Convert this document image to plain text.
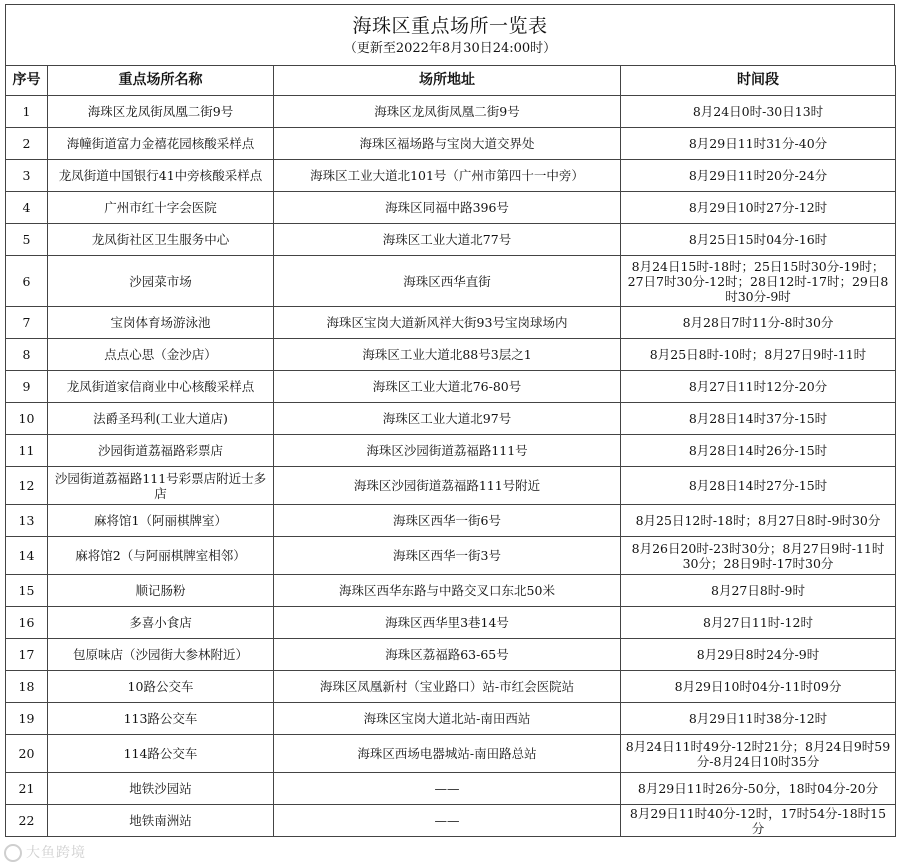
海珠区重点场所一览表
（更新至2022年8月30日24:00时）
序号	重点场所名称	场所地址	时间段
1	海珠区龙凤街凤凰二街9号	海珠区龙凤街凤凰二街9号	8月24日0时-30日13时
2	海幢街道富力金禧花园核酸采样点	海珠区福场路与宝岗大道交界处	8月29日11时31分-40分
3	龙凤街道中国银行41中旁核酸采样点	海珠区工业大道北101号（广州市第四十一中旁）	8月29日11时20分-24分
4	广州市红十字会医院	海珠区同福中路396号	8月29日10时27分-12时
5	龙凤街社区卫生服务中心	海珠区工业大道北77号	8月25日15时04分-16时
6	沙园菜市场	海珠区西华直街	8月24日15时-18时；25日15时30分-19时；27日7时30分-12时；28日12时-17时；29日8时30分-9时
7	宝岗体育场游泳池	海珠区宝岗大道新风祥大街93号宝岗球场内	8月28日7时11分-8时30分
8	点点心思（金沙店）	海珠区工业大道北88号3层之1	8月25日8时-10时；8月27日9时-11时
9	龙凤街道家信商业中心核酸采样点	海珠区工业大道北76-80号	8月27日11时12分-20分
10	法爵圣玛利(工业大道店)	海珠区工业大道北97号	8月28日14时37分-15时
11	沙园街道荔福路彩票店	海珠区沙园街道荔福路111号	8月28日14时26分-15时
12	沙园街道荔福路111号彩票店附近士多店	海珠区沙园街道荔福路111号附近	8月28日14时27分-15时
13	麻将馆1（阿丽棋牌室）	海珠区西华一街6号	8月25日12时-18时；8月27日8时-9时30分
14	麻将馆2（与阿丽棋牌室相邻）	海珠区西华一街3号	8月26日20时-23时30分；8月27日9时-11时30分；28日9时-17时30分
15	顺记肠粉	海珠区西华东路与中路交叉口东北50米	8月27日8时-9时
16	多喜小食店	海珠区西华里3巷14号	8月27日11时-12时
17	包原味店（沙园街大参林附近）	海珠区荔福路63-65号	8月29日8时24分-9时
18	10路公交车	海珠区凤凰新村（宝业路口）站-市红会医院站	8月29日10时04分-11时09分
19	113路公交车	海珠区宝岗大道北站-南田西站	8月29日11时38分-12时
20	114路公交车	海珠区西场电器城站-南田路总站	8月24日11时49分-12时21分；8月24日9时59分-8月24日10时35分
21	地铁沙园站	——	8月29日11时26分-50分，18时04分-20分
22	地铁南洲站	——	8月29日11时40分-12时，17时54分-18时15分
大鱼跨境
